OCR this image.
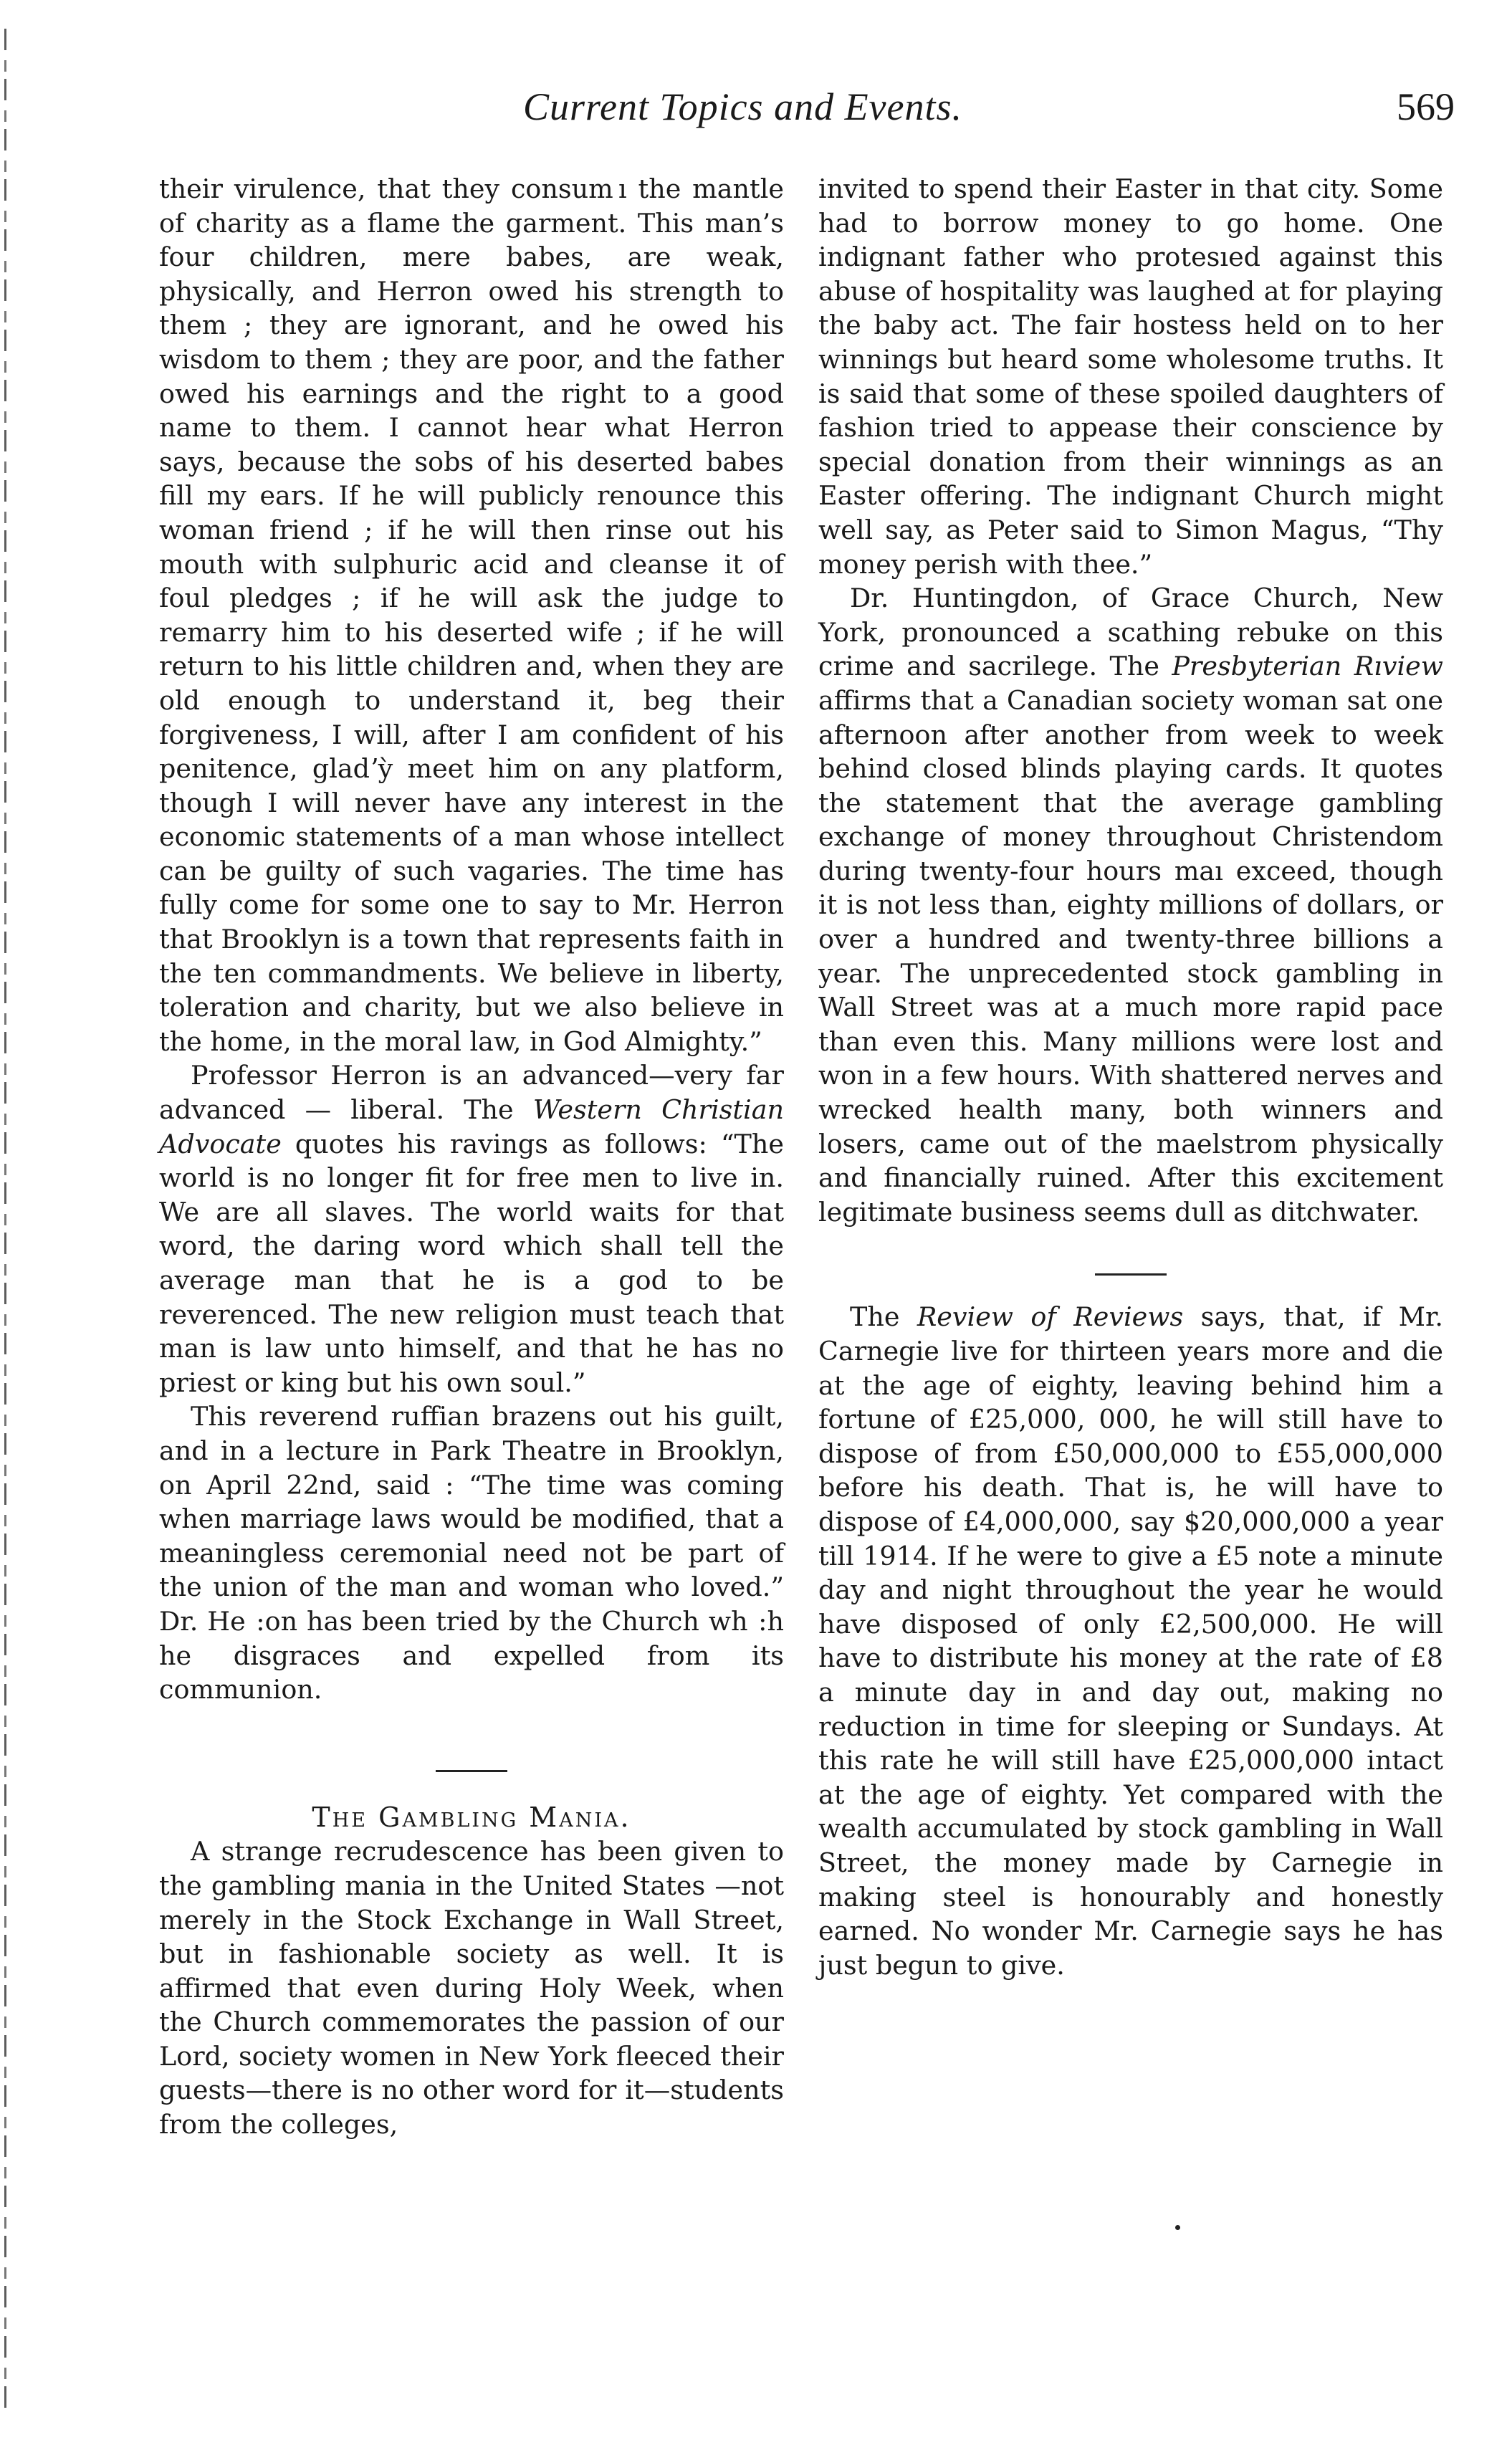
Current Topics and Events.	569

their virulence, that they consum ı the mantle of charity as a flame the garment. This man’s four children, mere babes, are weak, physically, and Herron owed his strength to them ; they are ignorant, and he owed his wisdom to them ; they are poor, and the father owed his earnings and the right to a good name to them. I cannot hear what Herron says, because the sobs of his deserted babes fill my ears. If he will publicly renounce this woman friend ; if he will then rinse out his mouth with sulphuric acid and cleanse it of foul pledges ; if he will ask the judge to remarry him to his deserted wife ; if he will return to his little children and, when they are old enough to understand it, beg their forgiveness, I will, after I am confident of his penitence, gladʼỳ meet him on any platform, though I will never have any interest in the economic statements of a man whose intellect can be guilty of such vagaries. The time has fully come for some one to say to Mr. Herron that Brooklyn is a town that represents faith in the ten commandments. We believe in liberty, toleration and charity, but we also believe in the home, in the moral law, in God Almighty.”

Professor Herron is an advanced—very far advanced — liberal. The Western Christian Advocate quotes his ravings as follows: “The world is no longer fit for free men to live in. We are all slaves. The world waits for that word, the daring word which shall tell the average man that he is a god to be reverenced. The new religion must teach that man is law unto himself, and that he has no priest or king but his own soul.”

This reverend ruffian brazens out his guilt, and in a lecture in Park Theatre in Brooklyn, on April 22nd, said : “The time was coming when marriage laws would be modified, that a meaningless ceremonial need not be part of the union of the man and woman who loved.” Dr. He  :on has been tried by the Church wh  :h he disgraces and expelled from its communion.

The Gambling Mania.

A strange recrudescence has been given to the gambling mania in the United States —not merely in the Stock Exchange in Wall Street, but in fashionable society as well. It is affirmed that even during Holy Week, when the Church commemorates the passion of our Lord, society women in New York fleeced their guests—there is no other word for it—students from the colleges,

invited to spend their Easter in that city. Some had to borrow money to go home. One indignant father who protesıed against this abuse of hospitality was laughed at for playing the baby act. The fair hostess held on to her winnings but heard some wholesome truths. It is said that some of these spoiled daughters of fashion tried to appease their conscience by special donation from their winnings as an Easter offering. The indignant Church might well say, as Peter said to Simon Magus, “Thy money perish with thee.”

Dr. Huntingdon, of Grace Church, New York, pronounced a scathing rebuke on this crime and sacrilege. The Presbyterian Rıview affirms that a Canadian society woman sat one afternoon after another from week to week behind closed blinds playing cards. It quotes the statement that the average gambling exchange of money throughout Christendom during twenty-four hours maı exceed, though it is not less than, eighty millions of dollars, or over a hundred and twenty-three billions a year. The unprecedented stock gambling in Wall Street was at a much more rapid pace than even this. Many millions were lost and won in a few hours. With shattered nerves and wrecked health many, both winners and losers, came out of the maelstrom physically and financially ruined. After this excitement legitimate business seems dull as ditchwater.

The Review of Reviews says, that, if Mr. Carnegie live for thirteen years more and die at the age of eighty, leaving behind him a fortune of £25,000, 000, he will still have to dispose of from £50,000,000 to £55,000,000 before his death. That is, he will have to dispose of £4,000,000, say $20,000,000 a year till 1914. If he were to give a £5 note a minute day and night throughout the year he would have disposed of only £2,500,000. He will have to distribute his money at the rate of £8 a minute day in and day out, making no reduction in time for sleeping or Sundays. At this rate he will still have £25,000,000 intact at the age of eighty. Yet compared with the wealth accumulated by stock gambling in Wall Street, the money made by Carnegie in making steel is honourably and honestly earned. No wonder Mr. Carnegie says he has just begun to give.
